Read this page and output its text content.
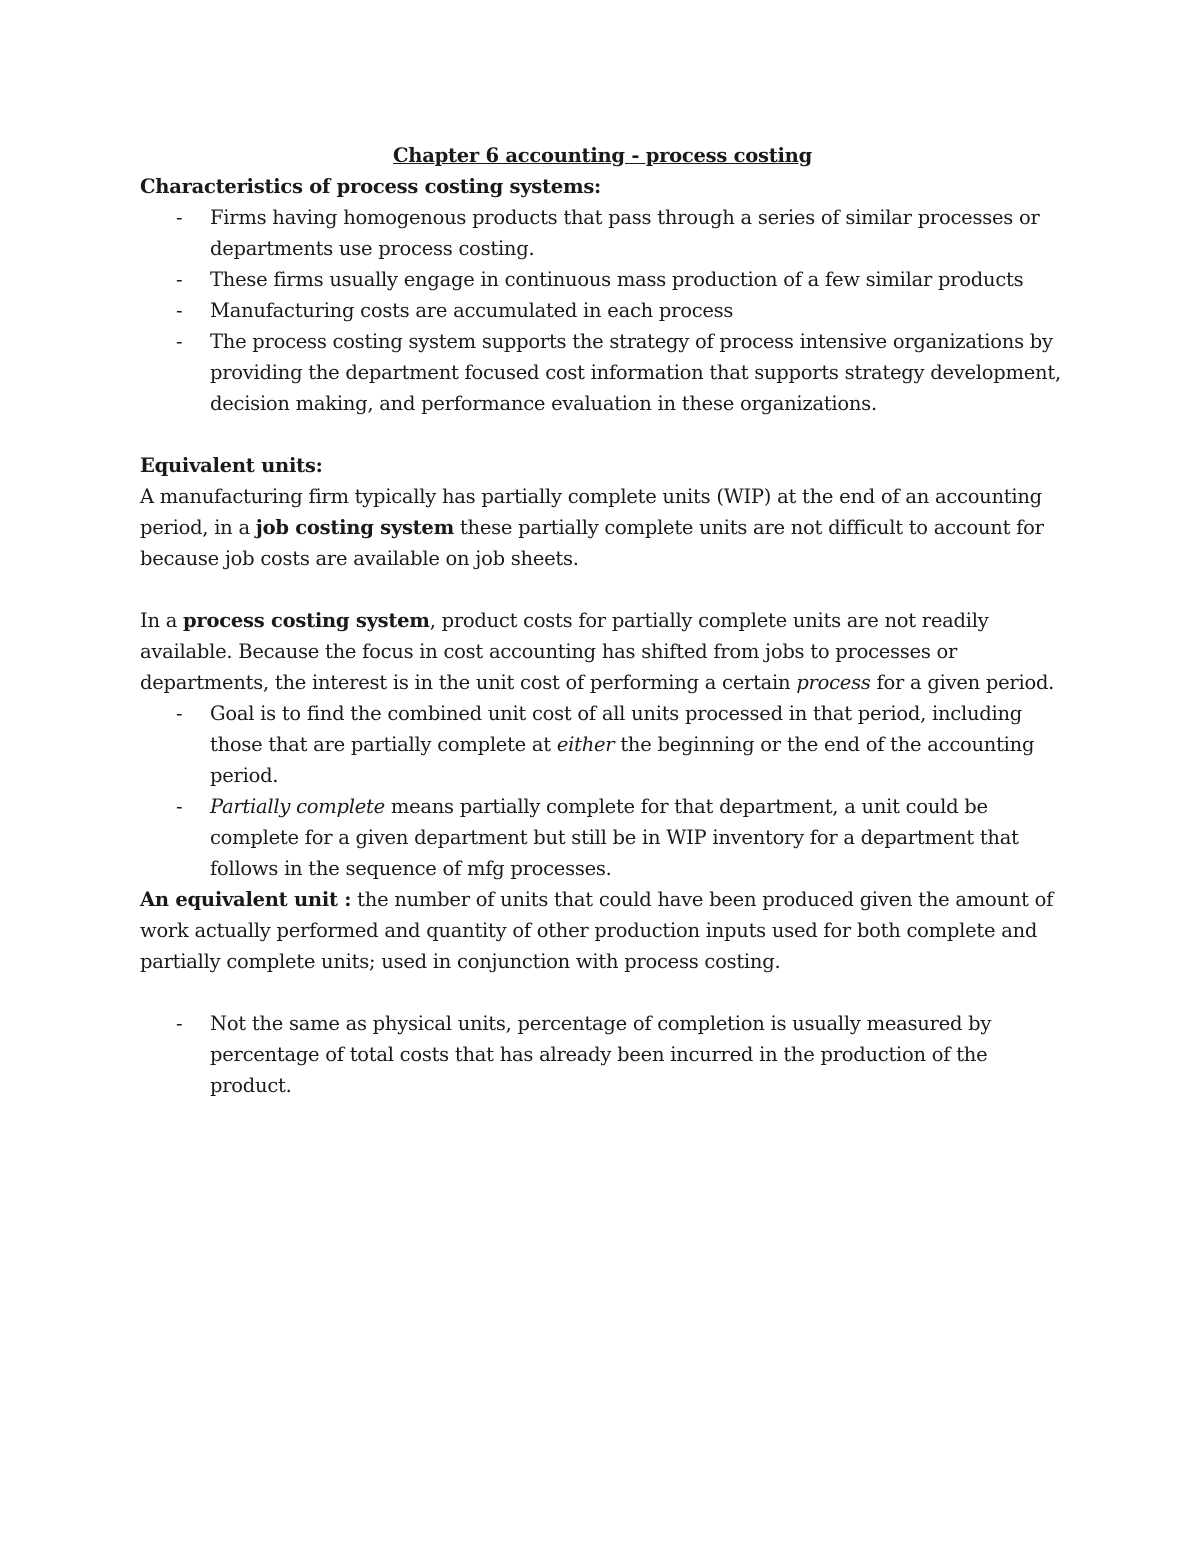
Chapter 6 accounting - process costing

Characteristics of process costing systems:

- Firms having homogenous products that pass through a series of similar processes or departments use process costing.
- These firms usually engage in continuous mass production of a few similar products
- Manufacturing costs are accumulated in each process
- The process costing system supports the strategy of process intensive organizations by providing the department focused cost information that supports strategy development, decision making, and performance evaluation in these organizations.

Equivalent units:

A manufacturing firm typically has partially complete units (WIP) at the end of an accounting period, in a job costing system these partially complete units are not difficult to account for because job costs are available on job sheets.

In a process costing system, product costs for partially complete units are not readily available. Because the focus in cost accounting has shifted from jobs to processes or departments, the interest is in the unit cost of performing a certain process for a given period.

- Goal is to find the combined unit cost of all units processed in that period, including those that are partially complete at either the beginning or the end of the accounting period.
- Partially complete means partially complete for that department, a unit could be complete for a given department but still be in WIP inventory for a department that follows in the sequence of mfg processes.

An equivalent unit : the number of units that could have been produced given the amount of work actually performed and quantity of other production inputs used for both complete and partially complete units; used in conjunction with process costing.

- Not the same as physical units, percentage of completion is usually measured by percentage of total costs that has already been incurred in the production of the product.
